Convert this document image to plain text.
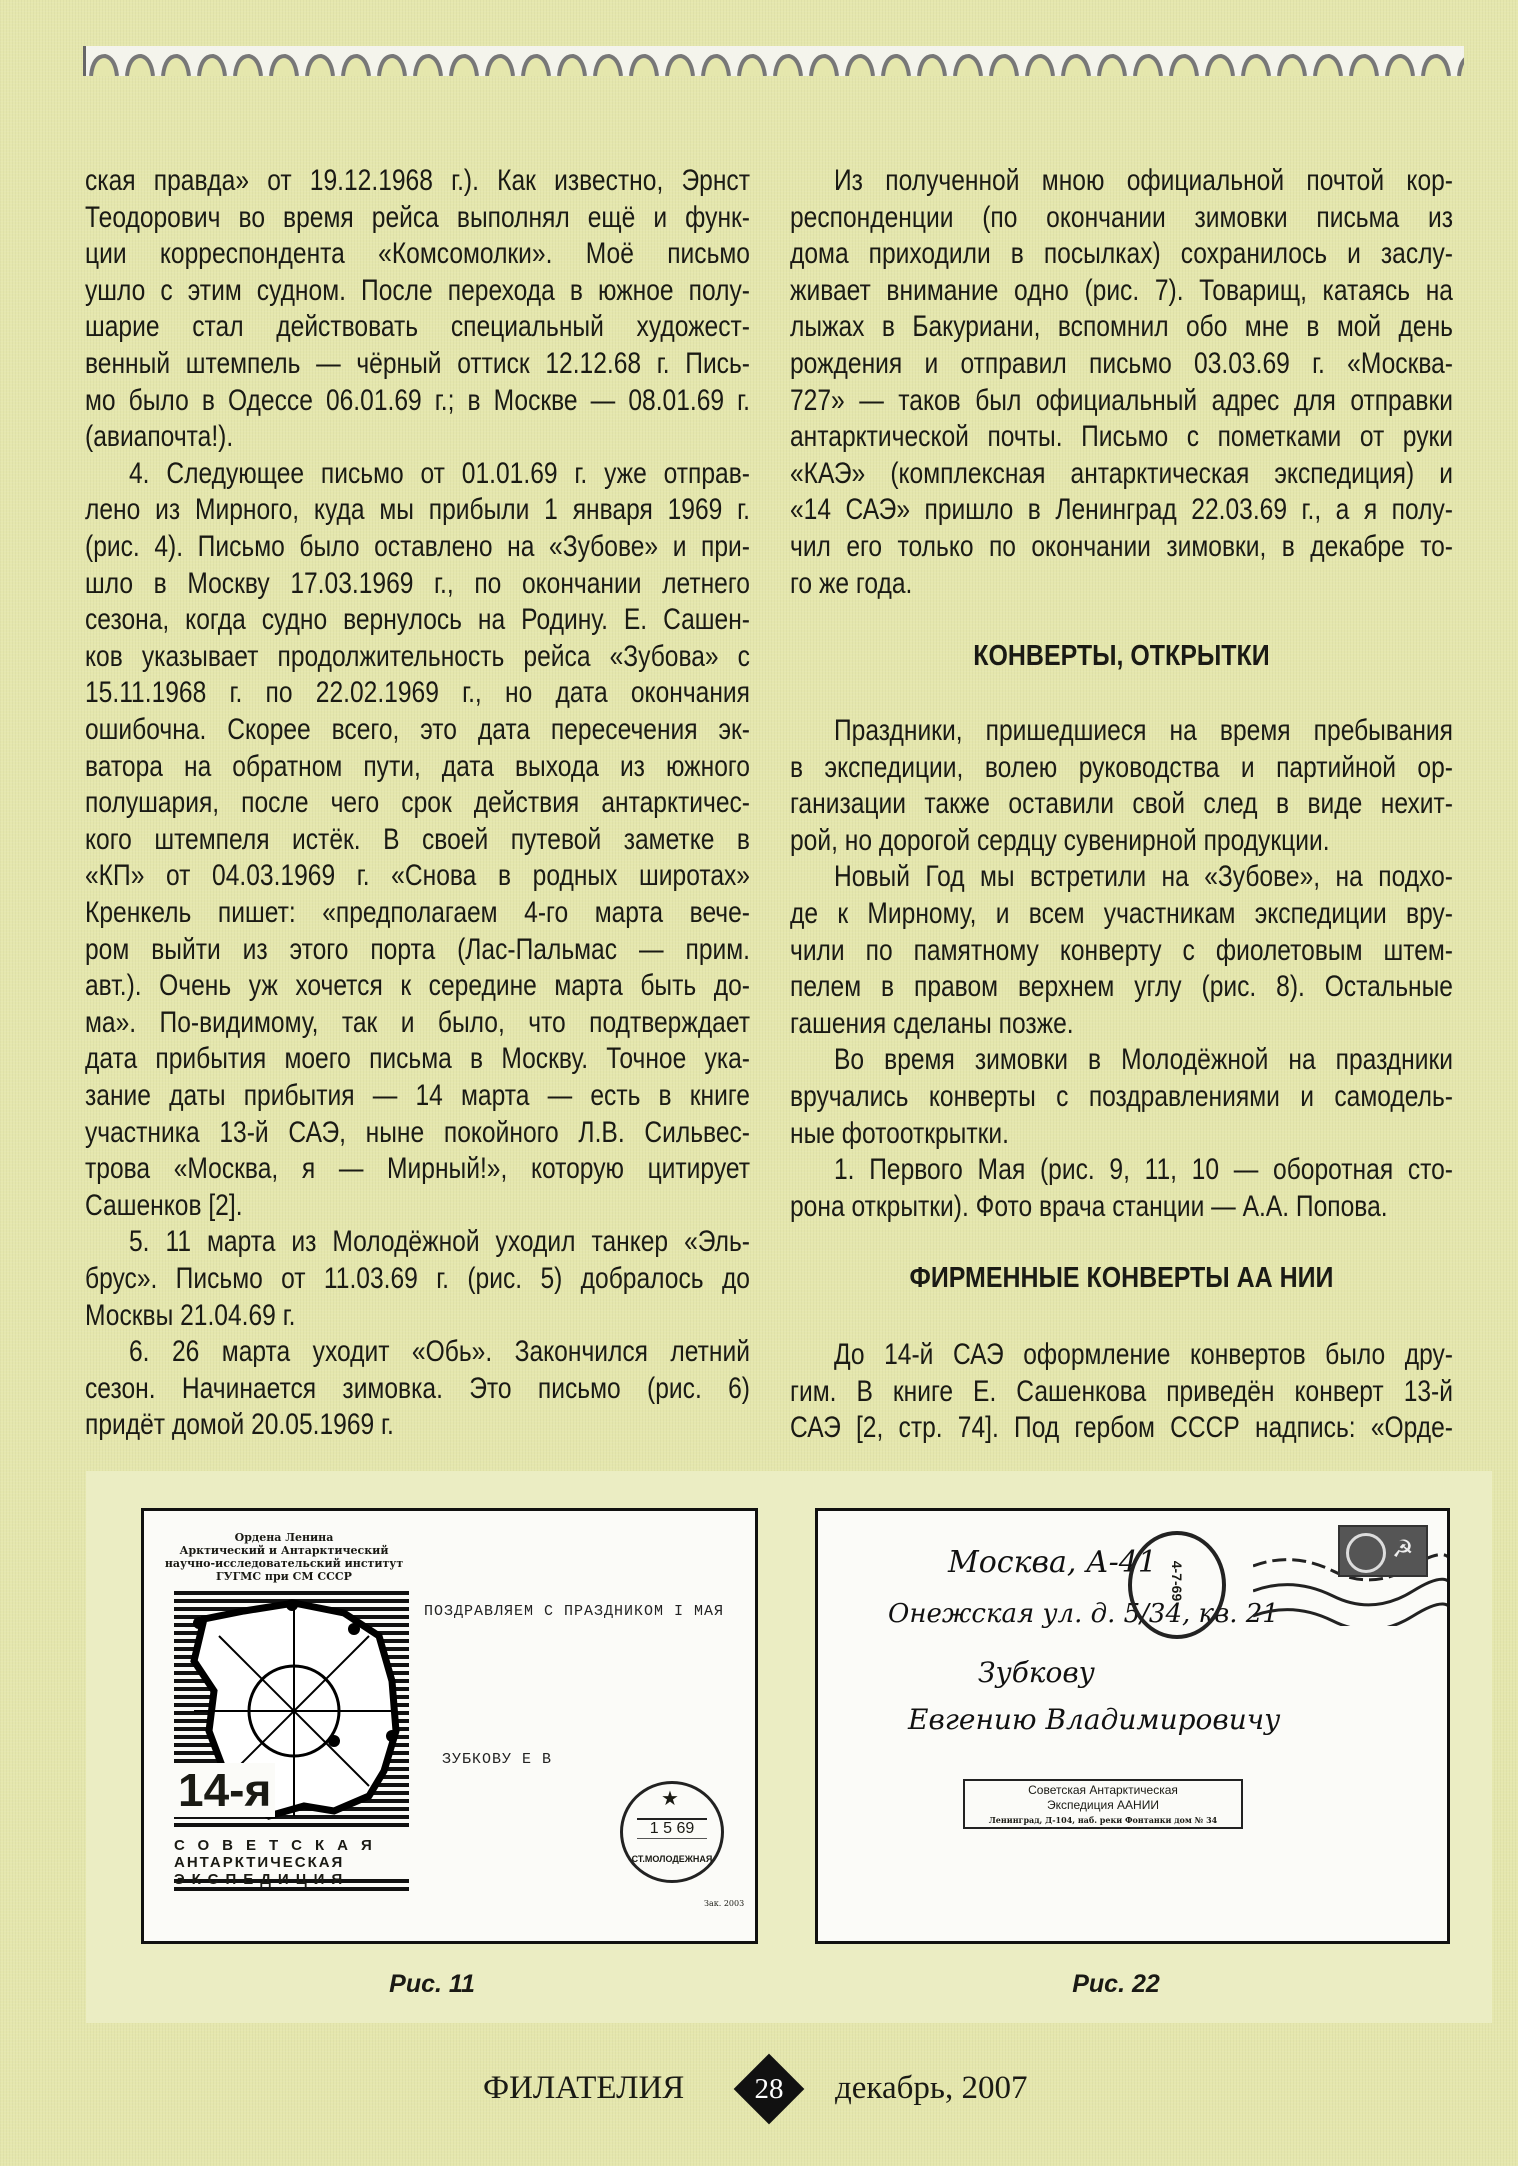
ская правда» от 19.12.1968 г.). Как известно, Эрнст
Теодорович во время рейса выполнял ещё и функ-
ции корреспондента «Комсомолки». Моё письмо
ушло с этим судном. После перехода в южное полу-
шарие стал действовать специальный художест-
венный штемпель — чёрный оттиск 12.12.68 г. Пись-
мо было в Одессе 06.01.69 г.; в Москве — 08.01.69 г.
(авиапочта!).
4. Следующее письмо от 01.01.69 г. уже отправ-
лено из Мирного, куда мы прибыли 1 января 1969 г.
(рис. 4). Письмо было оставлено на «Зубове» и при-
шло в Москву 17.03.1969 г., по окончании летнего
сезона, когда судно вернулось на Родину. Е. Сашен-
ков указывает продолжительность рейса «Зубова» с
15.11.1968 г. по 22.02.1969 г., но дата окончания
ошибочна. Скорее всего, это дата пересечения эк-
ватора на обратном пути, дата выхода из южного
полушария, после чего срок действия антарктичес-
кого штемпеля истёк. В своей путевой заметке в
«КП» от 04.03.1969 г. «Снова в родных широтах»
Кренкель пишет: «предполагаем 4-го марта вече-
ром выйти из этого порта (Лас-Пальмас — прим.
авт.). Очень уж хочется к середине марта быть до-
ма». По-видимому, так и было, что подтверждает
дата прибытия моего письма в Москву. Точное ука-
зание даты прибытия — 14 марта — есть в книге
участника 13-й САЭ, ныне покойного Л.В. Сильвес-
трова «Москва, я — Мирный!», которую цитирует
Сашенков [2].
5. 11 марта из Молодёжной уходил танкер «Эль-
брус». Письмо от 11.03.69 г. (рис. 5) добралось до
Москвы 21.04.69 г.
6. 26 марта уходит «Обь». Закончился летний
сезон. Начинается зимовка. Это письмо (рис. 6)
придёт домой 20.05.1969 г.
Из полученной мною официальной почтой кор-
респонденции (по окончании зимовки письма из
дома приходили в посылках) сохранилось и заслу-
живает внимание одно (рис. 7). Товарищ, катаясь на
лыжах в Бакуриани, вспомнил обо мне в мой день
рождения и отправил письмо 03.03.69 г. «Москва-
727» — таков был официальный адрес для отправки
антарктической почты. Письмо с пометками от руки
«КАЭ» (комплексная антарктическая экспедиция) и
«14 САЭ» пришло в Ленинград 22.03.69 г., а я полу-
чил его только по окончании зимовки, в декабре то-
го же года.
КОНВЕРТЫ, ОТКРЫТКИ
Праздники, пришедшиеся на время пребывания
в экспедиции, волею руководства и партийной ор-
ганизации также оставили свой след в виде нехит-
рой, но дорогой сердцу сувенирной продукции.
Новый Год мы встретили на «Зубове», на подхо-
де к Мирному, и всем участникам экспедиции вру-
чили по памятному конверту с фиолетовым штем-
пелем в правом верхнем углу (рис. 8). Остальные
гашения сделаны позже.
Во время зимовки в Молодёжной на праздники
вручались конверты с поздравлениями и самодель-
ные фотооткрытки.
1. Первого Мая (рис. 9, 11, 10 — оборотная сто-
рона открытки). Фото врача станции — А.А. Попова.
ФИРМЕННЫЕ КОНВЕРТЫ АА НИИ
До 14-й САЭ оформление конвертов было дру-
гим. В книге Е. Сашенкова приведён конверт 13-й
САЭ [2, стр. 74]. Под гербом СССР надпись: «Орде-
Ордена Ленина
Арктический и Антарктический
научно-исследовательский институт
ГУГМС при СМ СССР
14-я
СОВЕТСКАЯ
АНТАРКТИЧЕСКАЯ
ЭКСПЕДИЦИЯ
ПОЗДРАВЛЯЕМ С ПРАЗДНИКОМ I МАЯ
ЗУБКОВУ Е В
★
1 5 69
СТ.МОЛОДЕЖНАЯ
Зак. 2003
Рис. 11
Москва, А-41
Онежская ул. д. 5/34, кв. 21
Зубкову
Евгению Владимировичу
4-7-69
☭
Советская Антарктическая
Экспедиция ААНИИ
Ленинград, Д-104, наб. реки Фонтанки дом № 34
Рис. 22
ФИЛАТЕЛИЯ	28	декабрь, 2007
